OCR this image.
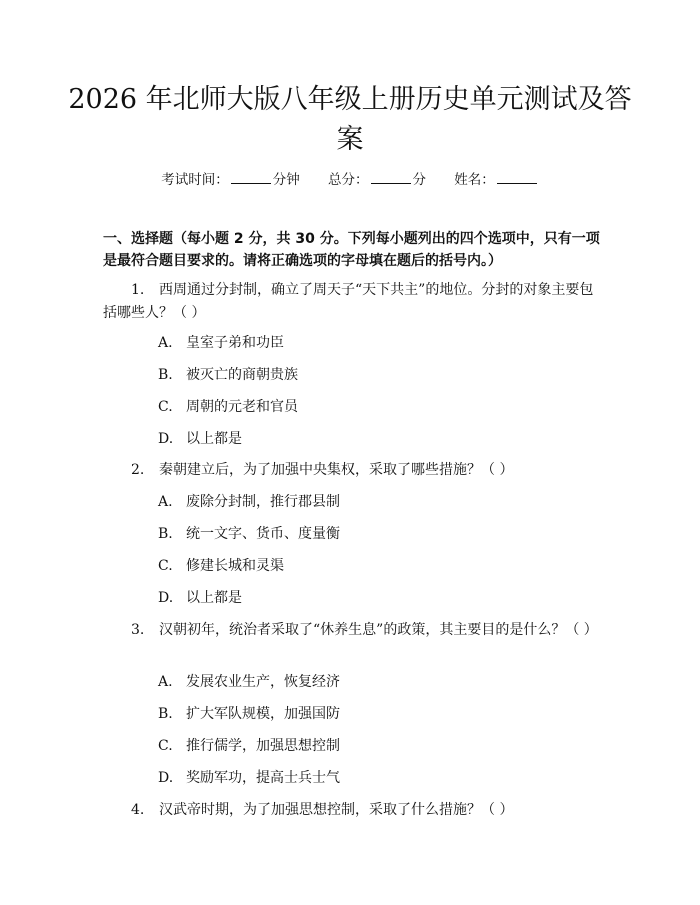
2026 年北师大版八年级上册历史单元测试及答案
考试时间：	分钟 总分：	分 姓名：
一、选择题（每小题 2 分，共 30 分。下列每小题列出的四个选项中，只有一项是最符合题目要求的。请将正确选项的字母填在题后的括号内。）
1. 西周通过分封制，确立了周天子“天下共主”的地位。分封的对象主要包括哪些人？（ ）
A. 皇室子弟和功臣
B. 被灭亡的商朝贵族
C. 周朝的元老和官员
D. 以上都是
2. 秦朝建立后，为了加强中央集权，采取了哪些措施？（ ）
A. 废除分封制，推行郡县制
B. 统一文字、货币、度量衡
C. 修建长城和灵渠
D. 以上都是
3. 汉朝初年，统治者采取了“休养生息”的政策，其主要目的是什么？（ ）
A. 发展农业生产，恢复经济
B. 扩大军队规模，加强国防
C. 推行儒学，加强思想控制
D. 奖励军功，提高士兵士气
4. 汉武帝时期，为了加强思想控制，采取了什么措施？（ ）
